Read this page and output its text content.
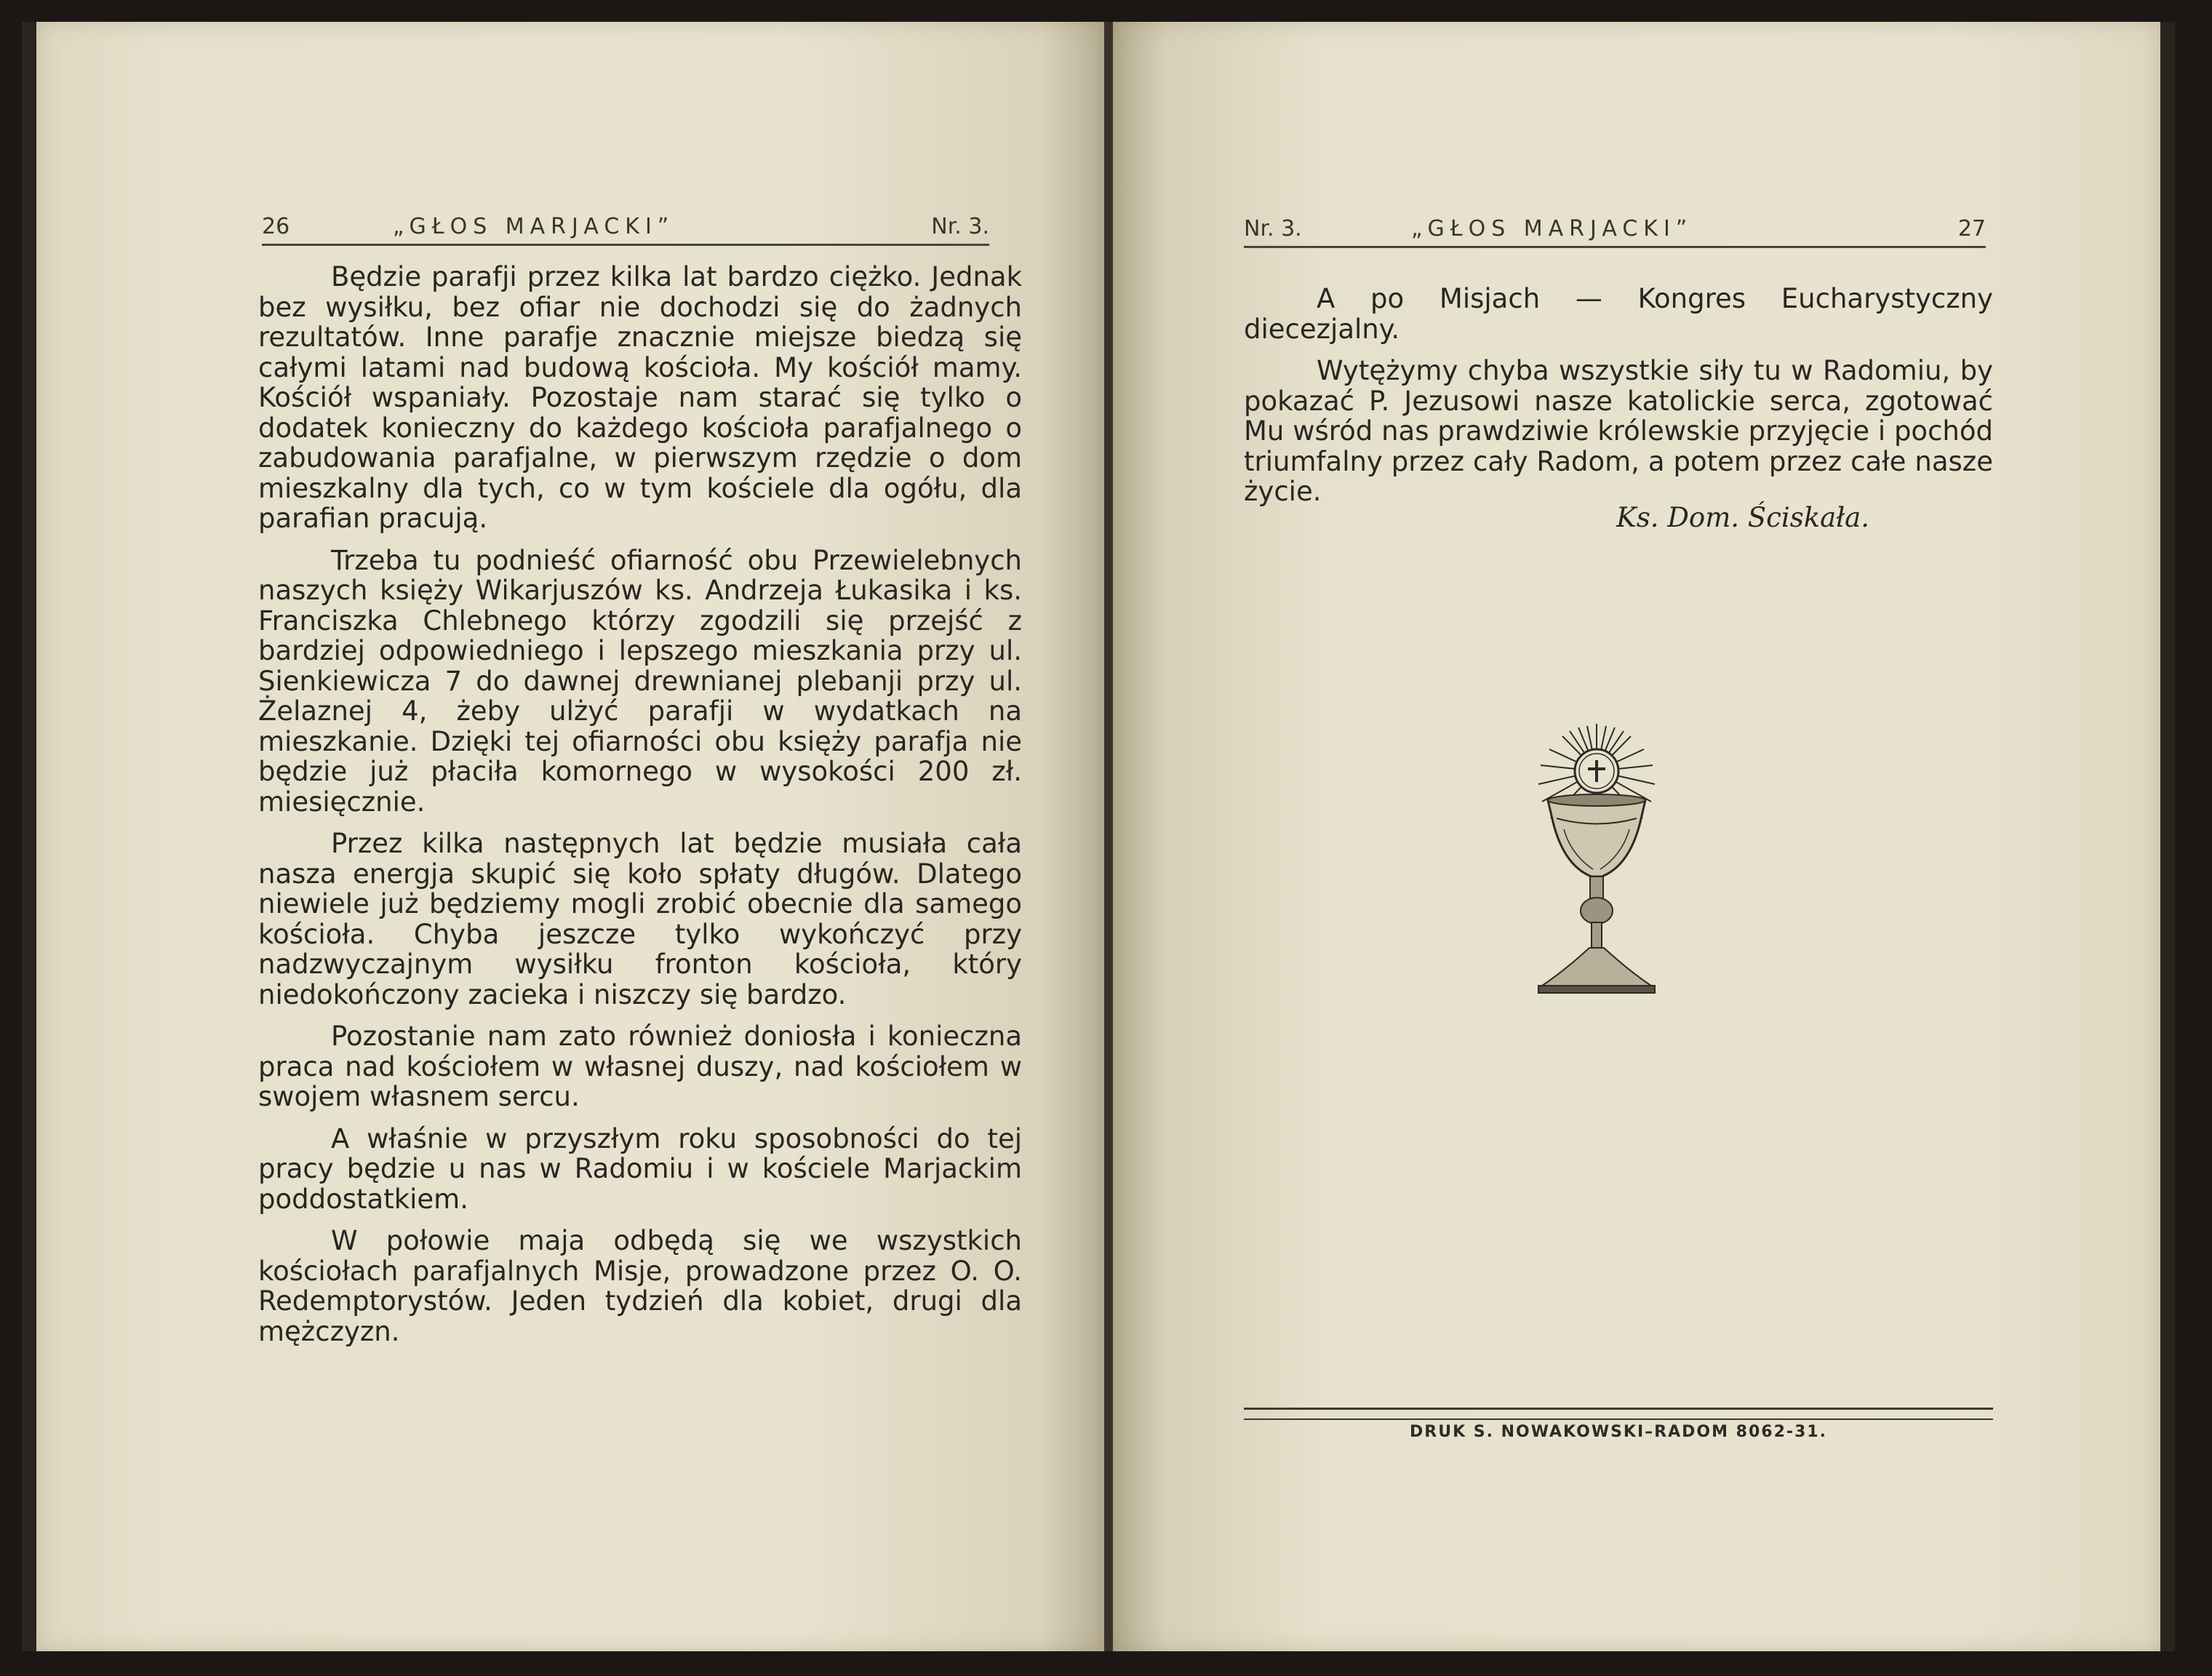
26	„GŁOS MARJACKI”	Nr. 3.

Będzie parafji przez kilka lat bardzo ciężko. Jednak bez wysiłku, bez ofiar nie dochodzi się do żadnych rezultatów. Inne parafje znacznie miejsze biedzą się całymi latami nad budową kościoła. My kościół mamy. Kościół wspaniały. Pozostaje nam starać się tylko o dodatek konieczny do każdego kościoła parafjalnego o zabudowania parafjalne, w pierwszym rzędzie o dom mieszkalny dla tych, co w tym kościele dla ogółu, dla parafian pracują.

Trzeba tu podnieść ofiarność obu Przewielebnych naszych księży Wikarjuszów ks. Andrzeja Łukasika i ks. Franciszka Chlebnego którzy zgodzili się przejść z bardziej odpowiedniego i lepszego mieszkania przy ul. Sienkiewicza 7 do dawnej drewnianej plebanji przy ul. Żelaznej 4, żeby ulżyć parafji w wydatkach na mieszkanie. Dzięki tej ofiarności obu księży parafja nie będzie już płaciła komornego w wysokości 200 zł. miesięcznie.

Przez kilka następnych lat będzie musiała cała nasza energja skupić się koło spłaty długów. Dlatego niewiele już będziemy mogli zrobić obecnie dla samego kościoła. Chyba jeszcze tylko wykończyć przy nadzwyczajnym wysiłku fronton kościoła, który niedokończony zacieka i niszczy się bardzo.

Pozostanie nam zato również doniosła i konieczna praca nad kościołem w własnej duszy, nad kościołem w swojem własnem sercu.

A właśnie w przyszłym roku sposobności do tej pracy będzie u nas w Radomiu i w kościele Marjackim poddostatkiem.

W połowie maja odbędą się we wszystkich kościołach parafjalnych Misje, prowadzone przez O. O. Redemptorystów. Jeden tydzień dla kobiet, drugi dla mężczyzn.

Nr. 3.	„GŁOS MARJACKI”	27

A po Misjach — Kongres Eucharystyczny diecezjalny.

Wytężymy chyba wszystkie siły tu w Radomiu, by pokazać P. Jezusowi nasze katolickie serca, zgotować Mu wśród nas prawdziwie królewskie przyjęcie i pochód triumfalny przez cały Radom, a potem przez całe nasze życie.

Ks. Dom. Ściskała.
DRUK S. NOWAKOWSKI–RADOM 8062-31.
